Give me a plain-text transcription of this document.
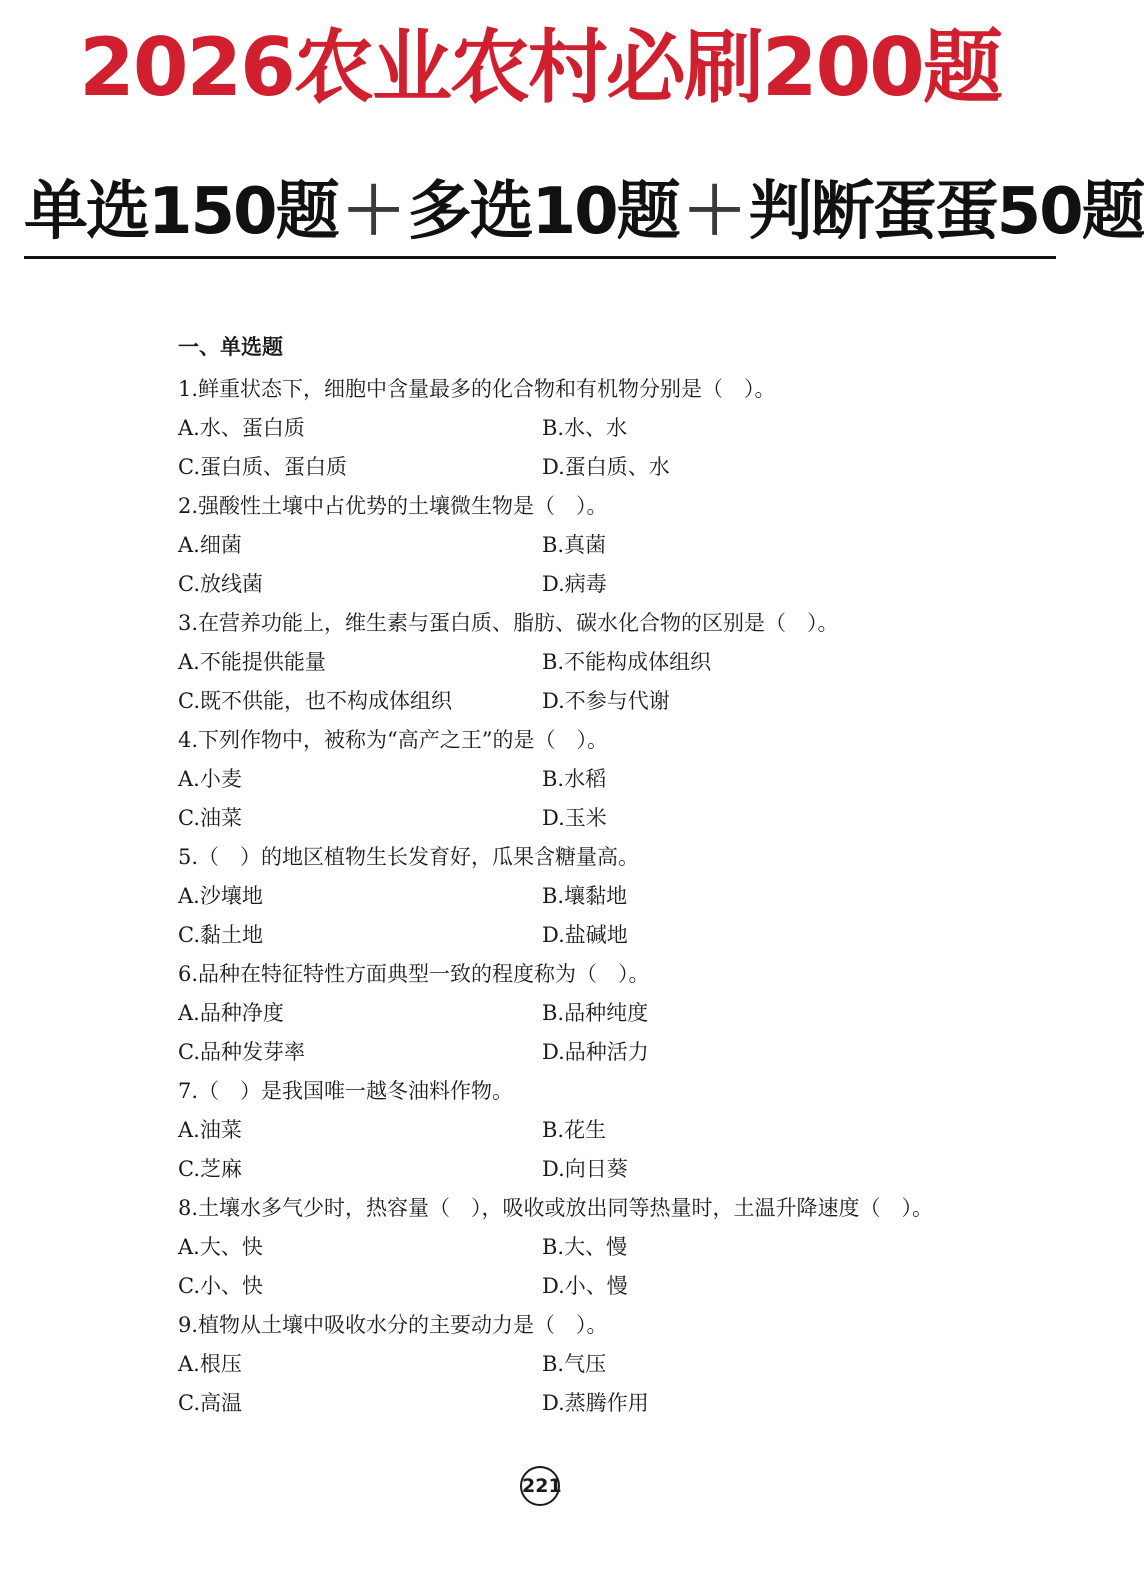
2026农业农村必刷200题
单选150题＋多选10题＋判断蛋蛋50题
一、单选题
1.鲜重状态下，细胞中含量最多的化合物和有机物分别是（　）。
A.水、蛋白质	B.水、水
C.蛋白质、蛋白质	D.蛋白质、水
2.强酸性土壤中占优势的土壤微生物是（　）。
A.细菌	B.真菌
C.放线菌	D.病毒
3.在营养功能上，维生素与蛋白质、脂肪、碳水化合物的区别是（　）。
A.不能提供能量	B.不能构成体组织
C.既不供能，也不构成体组织	D.不参与代谢
4.下列作物中，被称为“高产之王”的是（　）。
A.小麦	B.水稻
C.油菜	D.玉米
5.（　）的地区植物生长发育好，瓜果含糖量高。
A.沙壤地	B.壤黏地
C.黏土地	D.盐碱地
6.品种在特征特性方面典型一致的程度称为（　）。
A.品种净度	B.品种纯度
C.品种发芽率	D.品种活力
7.（　）是我国唯一越冬油料作物。
A.油菜	B.花生
C.芝麻	D.向日葵
8.土壤水多气少时，热容量（　），吸收或放出同等热量时，土温升降速度（　）。
A.大、快	B.大、慢
C.小、快	D.小、慢
9.植物从土壤中吸收水分的主要动力是（　）。
A.根压	B.气压
C.高温	D.蒸腾作用
221
